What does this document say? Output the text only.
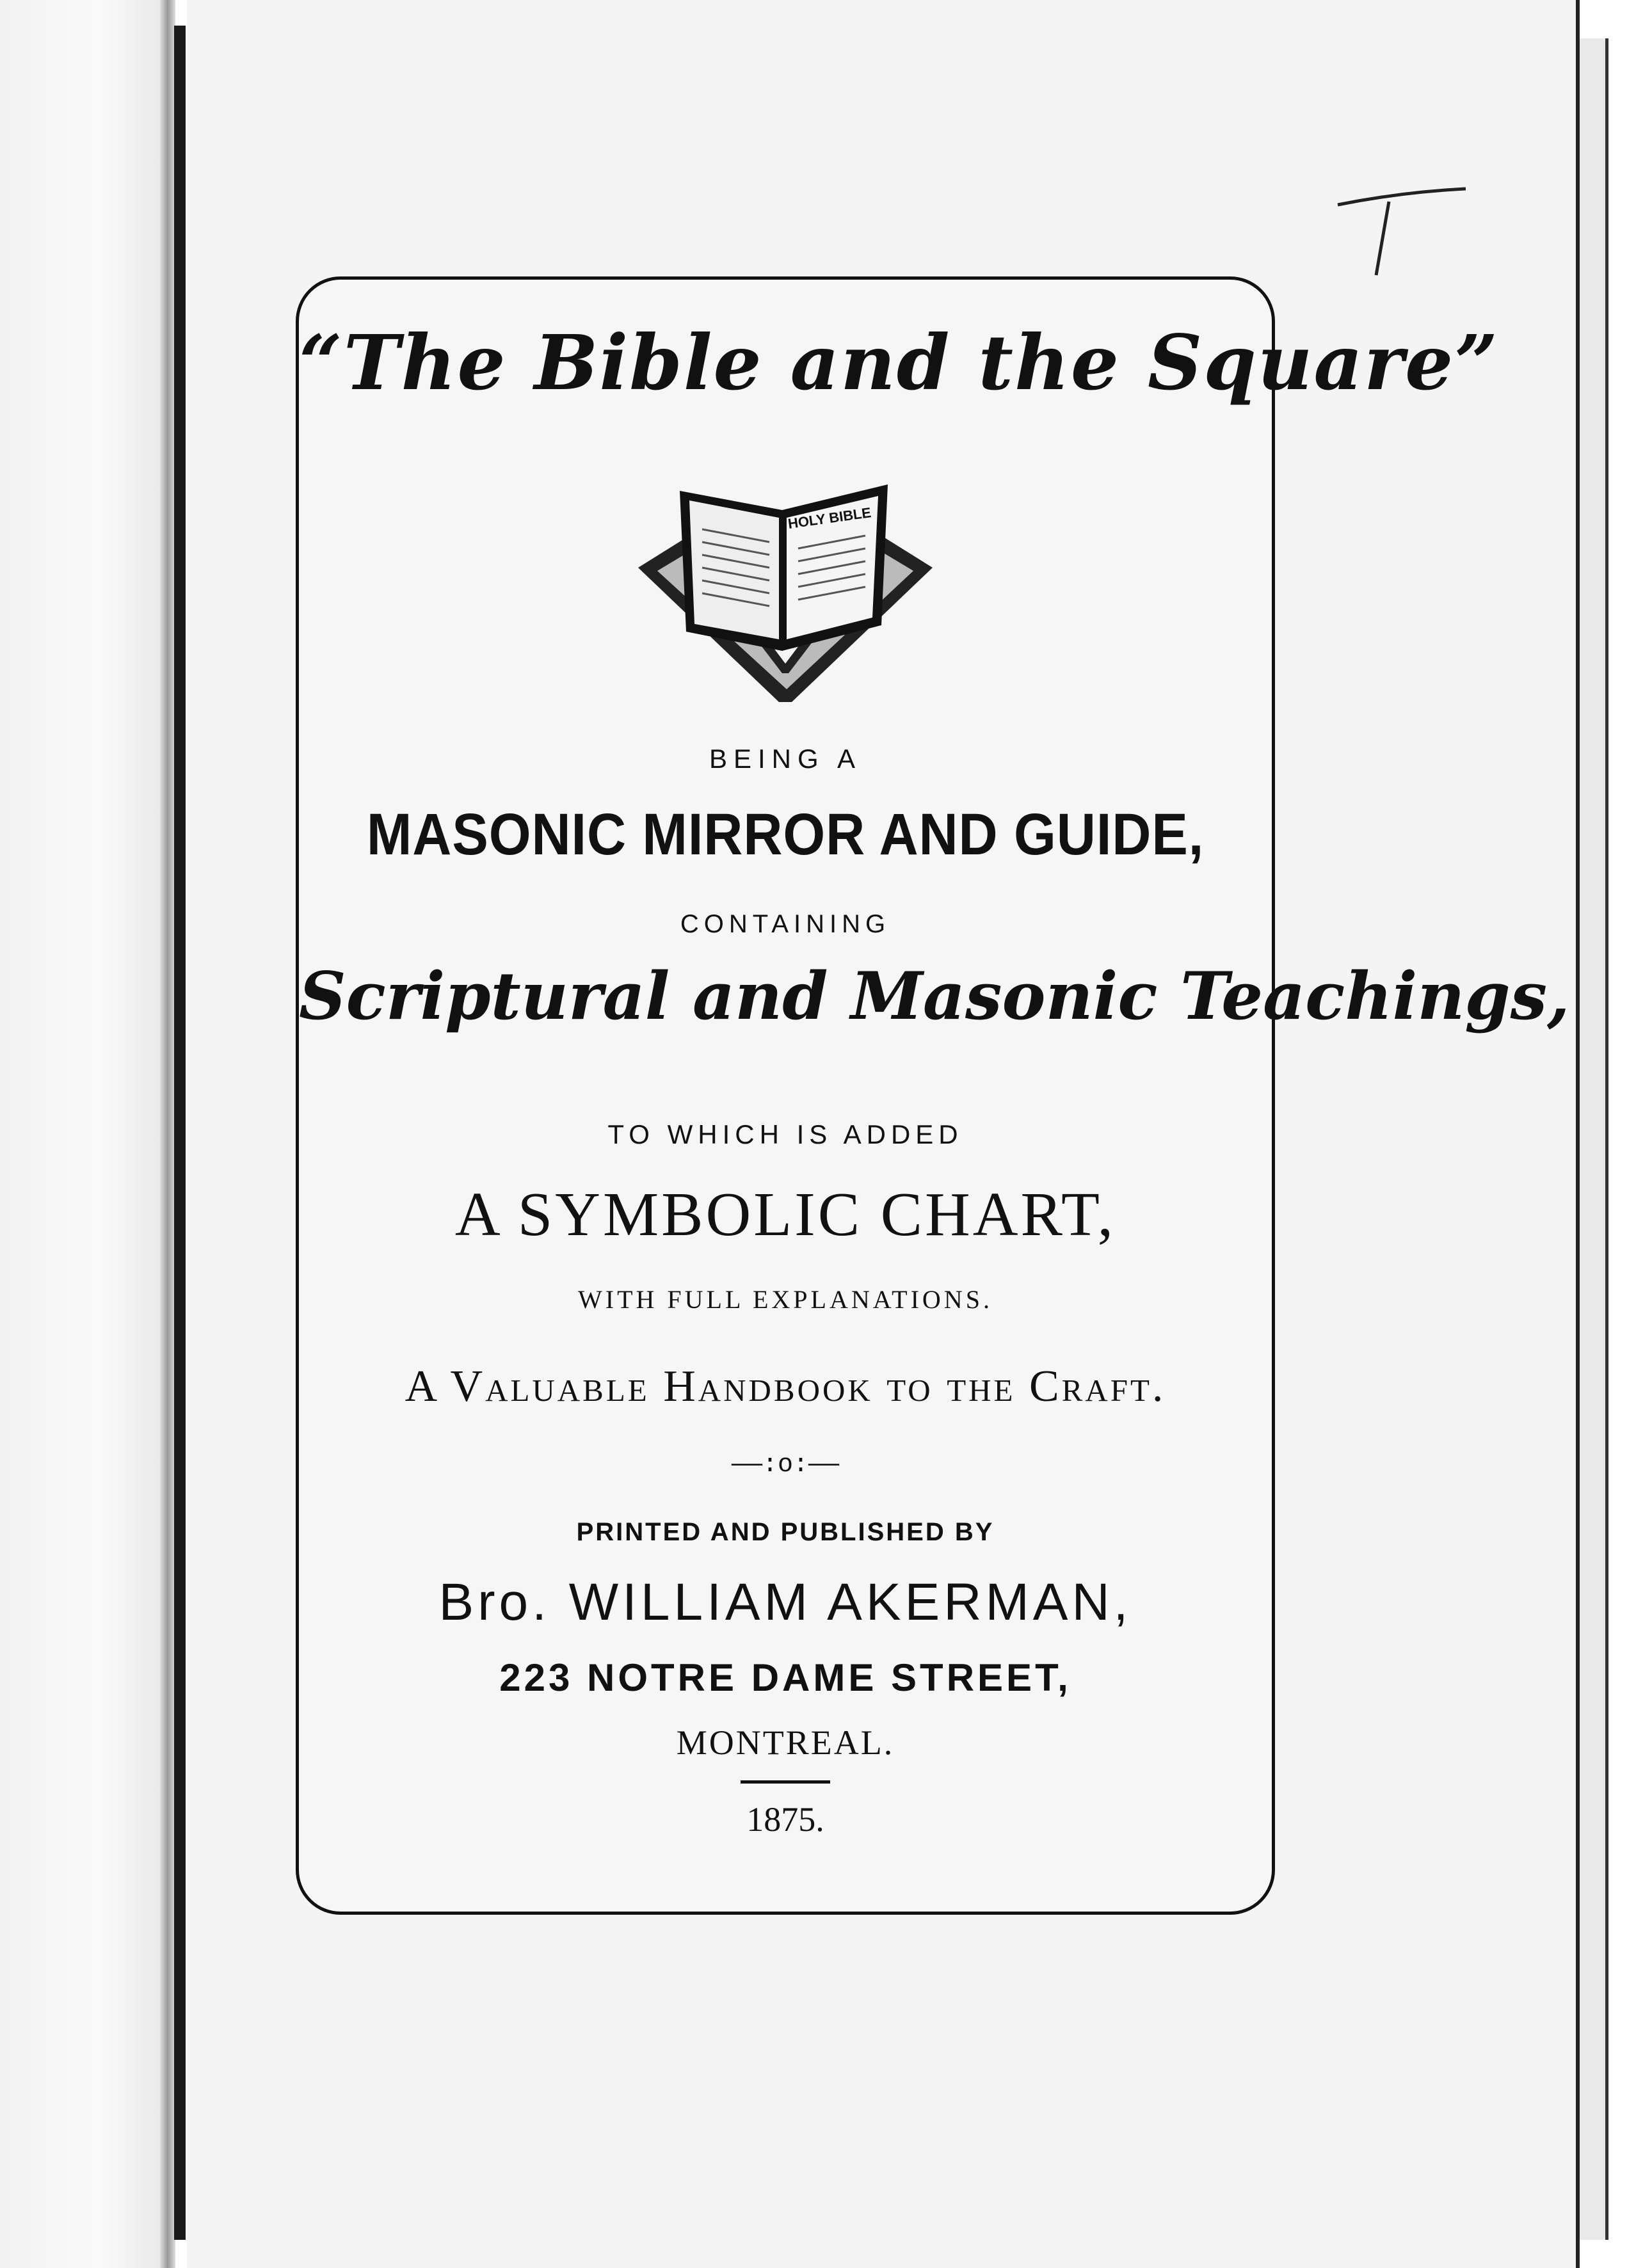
“The Bible and the Square”
HOLY BIBLE
BEING A
MASONIC MIRROR AND GUIDE,
CONTAINING
Scriptural and Masonic Teachings,
TO WHICH IS ADDED
A SYMBOLIC CHART,
WITH FULL EXPLANATIONS.
A Valuable Handbook to the Craft.
——:o:——
PRINTED AND PUBLISHED BY
Bro. WILLIAM AKERMAN,
223 NOTRE DAME STREET,
MONTREAL.
1875.
